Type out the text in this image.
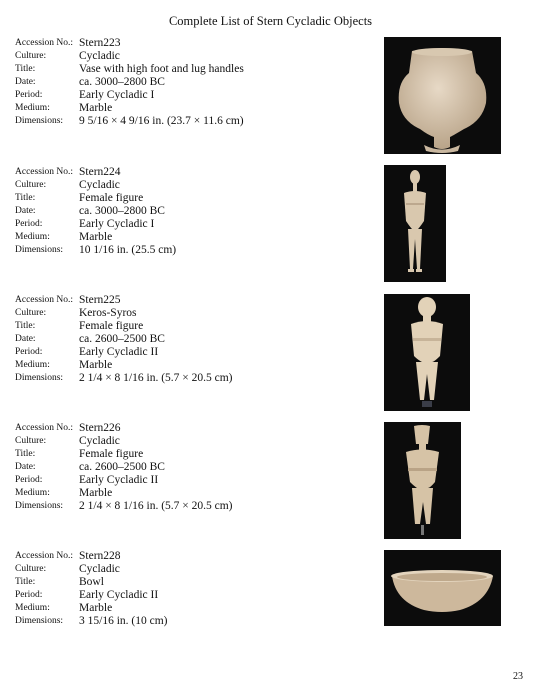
Complete List of Stern Cycladic Objects
Accession No.: Stern223
Culture:	Cycladic
Title:	Vase with high foot and lug handles
Date:	ca. 3000–2800 BC
Period:	Early Cycladic I
Medium:	Marble
Dimensions: 9 5/16 × 4 9/16 in. (23.7 × 11.6 cm)
Accession No.: Stern224
Culture:	Cycladic
Title:	Female figure
Date:	ca. 3000–2800 BC
Period:	Early Cycladic I
Medium:	Marble
Dimensions: 10 1/16 in. (25.5 cm)
Accession No.: Stern225
Culture:	Keros-Syros
Title:	Female figure
Date:	ca. 2600–2500 BC
Period:	Early Cycladic II
Medium:	Marble
Dimensions: 2 1/4 × 8 1/16 in. (5.7 × 20.5 cm)
Accession No.: Stern226
Culture:	Cycladic
Title:	Female figure
Date:	ca. 2600–2500 BC
Period:	Early Cycladic II
Medium:	Marble
Dimensions: 2 1/4 × 8 1/16 in. (5.7 × 20.5 cm)
Accession No.: Stern228
Culture:	Cycladic
Title:	Bowl
Period:	Early Cycladic II
Medium:	Marble
Dimensions: 3 15/16 in. (10 cm)
23
